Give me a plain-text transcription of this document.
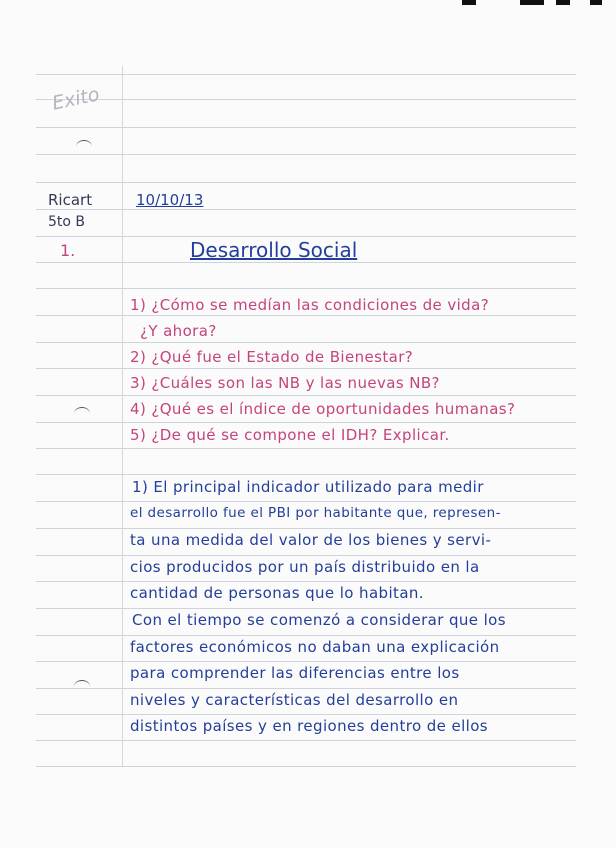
Exito
Ricart
5to B
10/10/13
1.	Desarrollo Social
1) ¿Cómo se medían las condiciones de vida?
¿Y ahora?
2) ¿Qué fue el Estado de Bienestar?
3) ¿Cuáles son las NB y las nuevas NB?
4) ¿Qué es el índice de oportunidades humanas?
5) ¿De qué se compone el IDH? Explicar.
1) El principal indicador utilizado para medir
el desarrollo fue el PBI por habitante que, represen-
ta una medida del valor de los bienes y servi-
cios producidos por un país distribuido en la
cantidad de personas que lo habitan.
Con el tiempo se comenzó a considerar que los
factores económicos no daban una explicación
para comprender las diferencias entre los
niveles y características del desarrollo en
distintos países y en regiones dentro de ellos
